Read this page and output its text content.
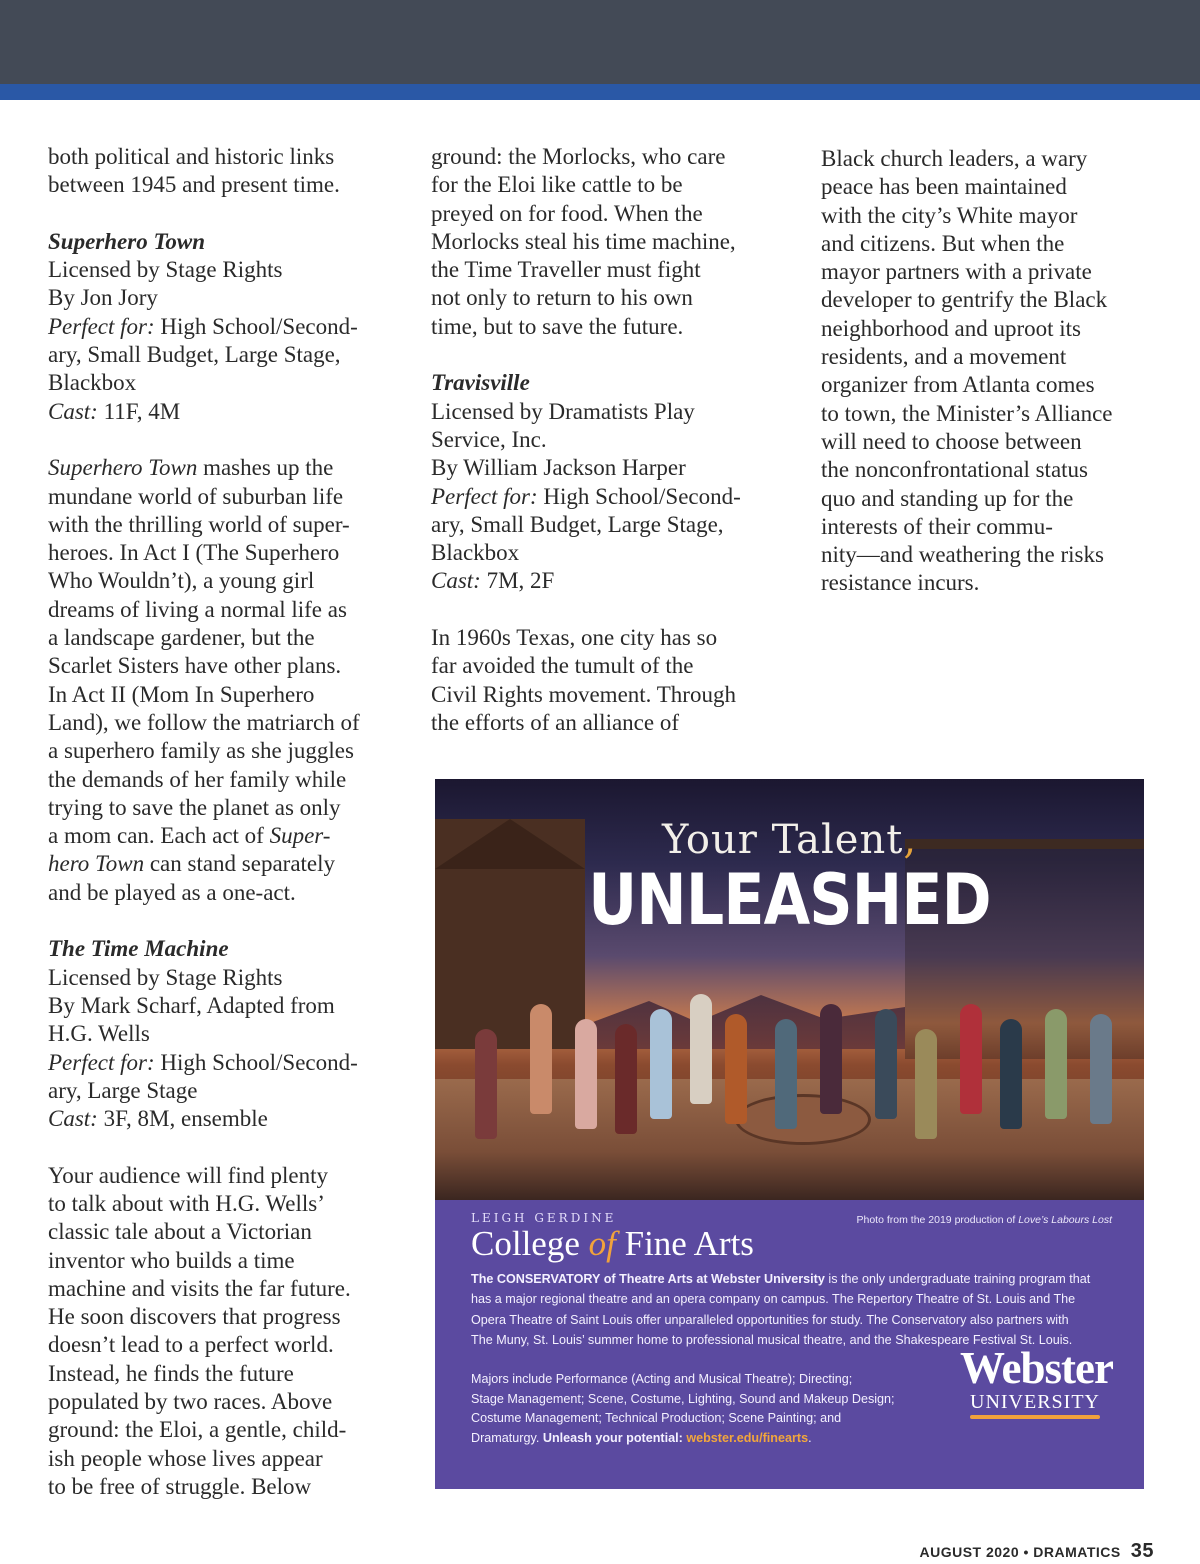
both political and historic links

between 1945 and present time.

Superhero Town

Licensed by Stage Rights

By Jon Jory

Perfect for: High School/Second-

ary, Small Budget, Large Stage,

Blackbox

Cast: 11F, 4M

Superhero Town mashes up the

mundane world of suburban life

with the thrilling world of super-

heroes. In Act I (The Superhero

Who Wouldn’t), a young girl

dreams of living a normal life as

a landscape gardener, but the

Scarlet Sisters have other plans.

In Act II (Mom In Superhero

Land), we follow the matriarch of

a superhero family as she juggles

the demands of her family while

trying to save the planet as only

a mom can. Each act of Super-

hero Town can stand separately

and be played as a one-act.

The Time Machine

Licensed by Stage Rights

By Mark Scharf, Adapted from

H.G. Wells

Perfect for: High School/Second-

ary, Large Stage

Cast: 3F, 8M, ensemble

Your audience will find plenty

to talk about with H.G. Wells’

classic tale about a Victorian

inventor who builds a time

machine and visits the far future.

He soon discovers that progress

doesn’t lead to a perfect world.

Instead, he finds the future

populated by two races. Above

ground: the Eloi, a gentle, child-

ish people whose lives appear

to be free of struggle. Below

ground: the Morlocks, who care

for the Eloi like cattle to be

preyed on for food. When the

Morlocks steal his time machine,

the Time Traveller must fight

not only to return to his own

time, but to save the future.

Travisville

Licensed by Dramatists Play

Service, Inc.

By William Jackson Harper

Perfect for: High School/Second-

ary, Small Budget, Large Stage,

Blackbox

Cast: 7M, 2F

In 1960s Texas, one city has so

far avoided the tumult of the

Civil Rights movement. Through

the efforts of an alliance of

Black church leaders, a wary

peace has been maintained

with the city’s White mayor

and citizens. But when the

mayor partners with a private

developer to gentrify the Black

neighborhood and uproot its

residents, and a movement

organizer from Atlanta comes

to town, the Minister’s Alliance

will need to choose between

the nonconfrontational status

quo and standing up for the

interests of their commu-

nity—and weathering the risks

resistance incurs.

Your Talent,
UNLEASHED
LEIGH GERDINE	Photo from the 2019 production of Love’s Labours Lost
College of Fine Arts
The CONSERVATORY of Theatre Arts at Webster University is the only undergraduate training program that
has a major regional theatre and an opera company on campus. The Repertory Theatre of St. Louis and The
Opera Theatre of Saint Louis offer unparalleled opportunities for study. The Conservatory also partners with
The Muny, St. Louis’ summer home to professional musical theatre, and the Shakespeare Festival St. Louis.
Majors include Performance (Acting and Musical Theatre); Directing;
Stage Management; Scene, Costume, Lighting, Sound and Makeup Design;
Costume Management; Technical Production; Scene Painting; and
Dramaturgy. Unleash your potential: webster.edu/finearts.
Webster
UNIVERSITY
AUGUST 2020 • DRAMATICS 35
